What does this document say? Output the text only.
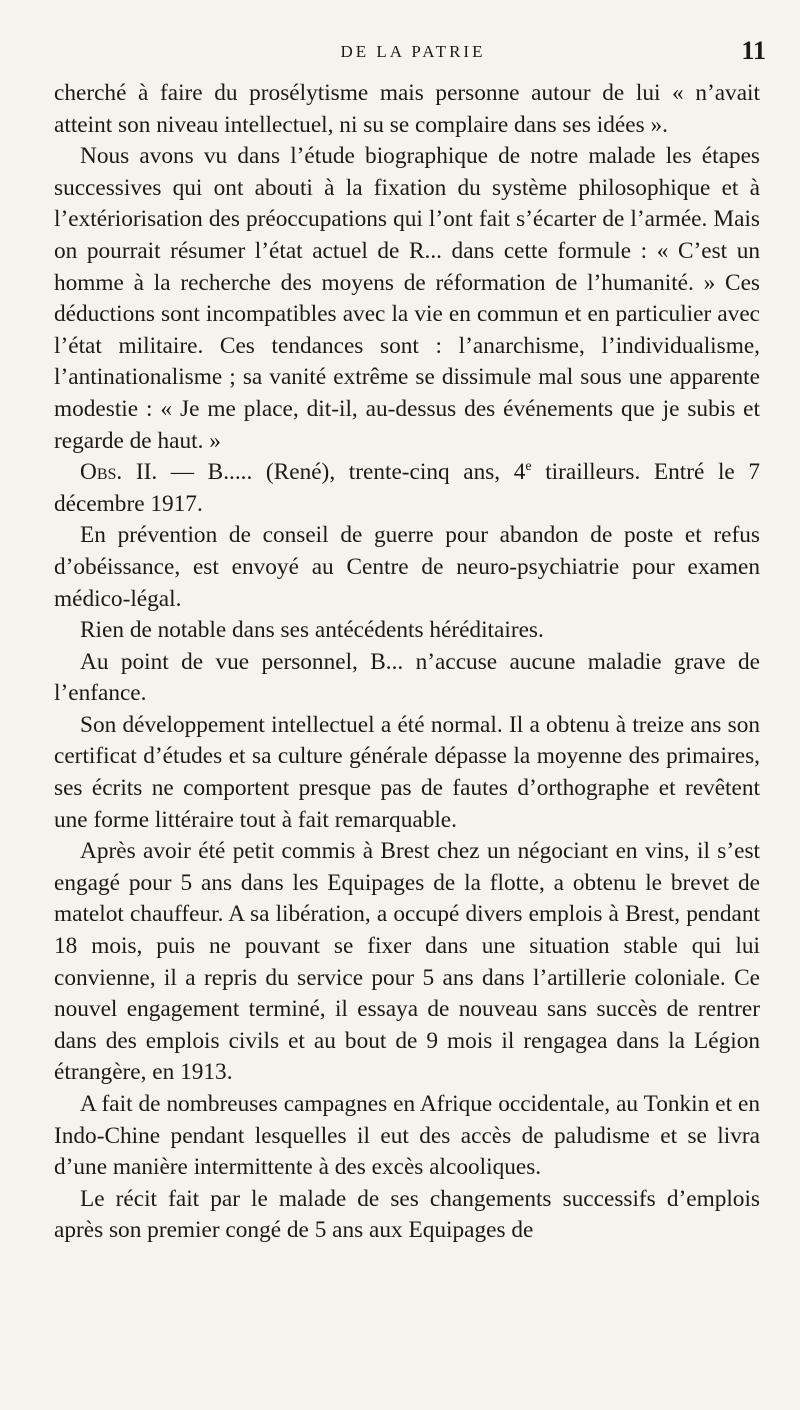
DE LA PATRIE	11

cherché à faire du prosélytisme mais personne autour de lui « n’avait atteint son niveau intellectuel, ni su se complaire dans ses idées ».

Nous avons vu dans l’étude biographique de notre malade les étapes successives qui ont abouti à la fixation du système philosophique et à l’extériorisation des préoccupations qui l’ont fait s’écarter de l’armée. Mais on pourrait résumer l’état actuel de R... dans cette formule : « C’est un homme à la recherche des moyens de réformation de l’humanité. » Ces déductions sont incompatibles avec la vie en commun et en particulier avec l’état militaire. Ces tendances sont : l’anarchisme, l’individualisme, l’antinationalisme ; sa vanité extrême se dissimule mal sous une apparente modestie : « Je me place, dit-il, au-dessus des événements que je subis et regarde de haut. »

Obs. II. — B..... (René), trente-cinq ans, 4e tirailleurs. Entré le 7 décembre 1917.

En prévention de conseil de guerre pour abandon de poste et refus d’obéissance, est envoyé au Centre de neuro-psychiatrie pour examen médico-légal.

Rien de notable dans ses antécédents héréditaires.

Au point de vue personnel, B... n’accuse aucune maladie grave de l’enfance.

Son développement intellectuel a été normal. Il a obtenu à treize ans son certificat d’études et sa culture générale dépasse la moyenne des primaires, ses écrits ne comportent presque pas de fautes d’orthographe et revêtent une forme littéraire tout à fait remarquable.

Après avoir été petit commis à Brest chez un négociant en vins, il s’est engagé pour 5 ans dans les Equipages de la flotte, a obtenu le brevet de matelot chauffeur. A sa libération, a occupé divers emplois à Brest, pendant 18 mois, puis ne pouvant se fixer dans une situation stable qui lui convienne, il a repris du service pour 5 ans dans l’artillerie coloniale. Ce nouvel engagement terminé, il essaya de nouveau sans succès de rentrer dans des emplois civils et au bout de 9 mois il rengagea dans la Légion étrangère, en 1913.

A fait de nombreuses campagnes en Afrique occidentale, au Tonkin et en Indo-Chine pendant lesquelles il eut des accès de paludisme et se livra d’une manière intermittente à des excès alcooliques.

Le récit fait par le malade de ses changements successifs d’emplois après son premier congé de 5 ans aux Equipages de
